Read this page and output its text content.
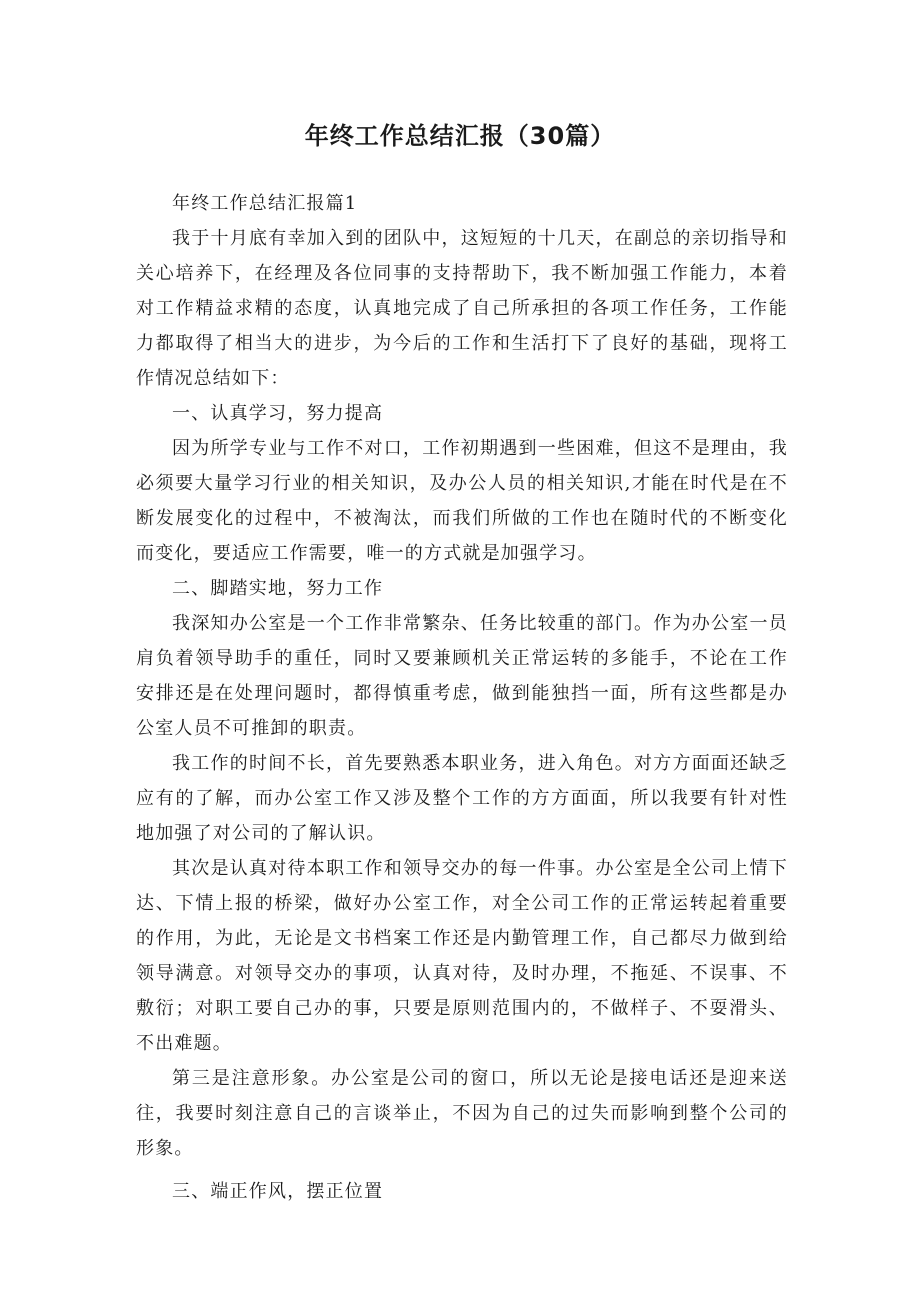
年终工作总结汇报（30篇）

年终工作总结汇报篇1

我于十月底有幸加入到的团队中，这短短的十几天，在副总的亲切指导和关心培养下，在经理及各位同事的支持帮助下，我不断加强工作能力，本着对工作精益求精的态度，认真地完成了自己所承担的各项工作任务，工作能力都取得了相当大的进步，为今后的工作和生活打下了良好的基础，现将工作情况总结如下：

一、认真学习，努力提高

因为所学专业与工作不对口，工作初期遇到一些困难，但这不是理由，我必须要大量学习行业的相关知识，及办公人员的相关知识,才能在时代是在不断发展变化的过程中，不被淘汰，而我们所做的工作也在随时代的不断变化而变化，要适应工作需要，唯一的方式就是加强学习。

二、脚踏实地，努力工作

我深知办公室是一个工作非常繁杂、任务比较重的部门。作为办公室一员肩负着领导助手的重任，同时又要兼顾机关正常运转的多能手，不论在工作安排还是在处理问题时，都得慎重考虑，做到能独挡一面，所有这些都是办公室人员不可推卸的职责。

我工作的时间不长，首先要熟悉本职业务，进入角色。对方方面面还缺乏应有的了解，而办公室工作又涉及整个工作的方方面面，所以我要有针对性地加强了对公司的了解认识。

其次是认真对待本职工作和领导交办的每一件事。办公室是全公司上情下达、下情上报的桥梁，做好办公室工作，对全公司工作的正常运转起着重要的作用，为此，无论是文书档案工作还是内勤管理工作，自己都尽力做到给领导满意。对领导交办的事项，认真对待，及时办理，不拖延、不误事、不敷衍；对职工要自己办的事，只要是原则范围内的，不做样子、不耍滑头、不出难题。

第三是注意形象。办公室是公司的窗口，所以无论是接电话还是迎来送往，我要时刻注意自己的言谈举止，不因为自己的过失而影响到整个公司的形象。

三、端正作风，摆正位置
